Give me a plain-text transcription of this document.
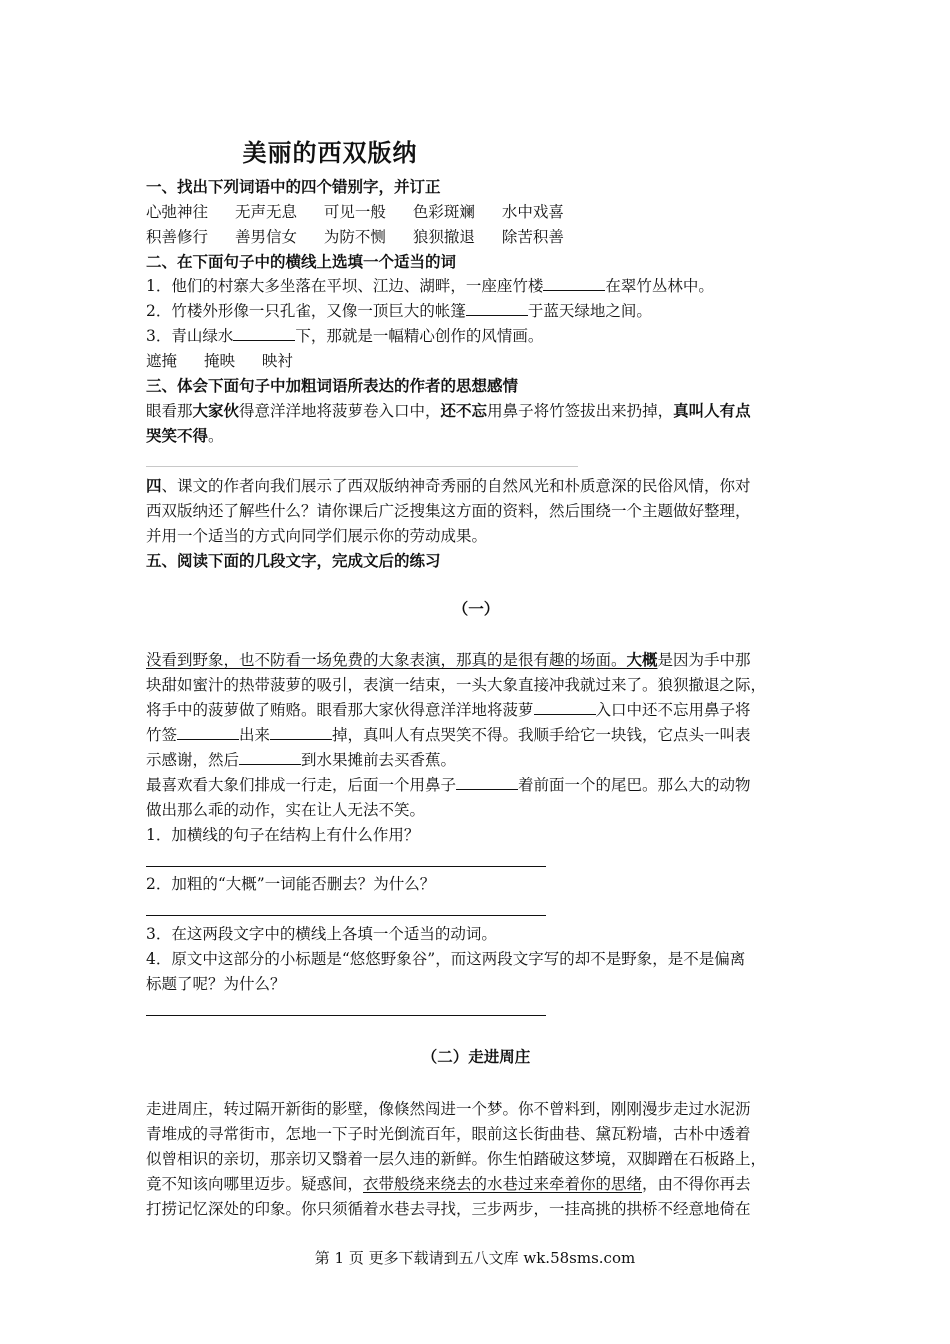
美丽的西双版纳
一、找出下列词语中的四个错别字，并订正
心弛神往 无声无息 可见一般 色彩斑斓 水中戏喜
积善修行 善男信女 为防不恻 狼狈撤退 除苦积善
二、在下面句子中的横线上选填一个适当的词
1．他们的村寨大多坐落在平坝、江边、湖畔，一座座竹楼	在翠竹丛林中。
2．竹楼外形像一只孔雀，又像一顶巨大的帐篷	于蓝天绿地之间。
3．青山绿水	下，那就是一幅精心创作的风情画。
遮掩 掩映 映衬
三、体会下面句子中加粗词语所表达的作者的思想感情
眼看那大家伙得意洋洋地将菠萝卷入口中，还不忘用鼻子将竹签拔出来扔掉，真叫人有点
哭笑不得。
四、课文的作者向我们展示了西双版纳神奇秀丽的自然风光和朴质意深的民俗风情，你对
西双版纳还了解些什么？请你课后广泛搜集这方面的资料，然后围绕一个主题做好整理，
并用一个适当的方式向同学们展示你的劳动成果。
五、阅读下面的几段文字，完成文后的练习
（一）
没看到野象，也不防看一场免费的大象表演，那真的是很有趣的场面。大概是因为手中那
块甜如蜜汁的热带菠萝的吸引，表演一结束，一头大象直接冲我就过来了。狼狈撤退之际，
将手中的菠萝做了贿赂。眼看那大家伙得意洋洋地将菠萝	入口中还不忘用鼻子将
竹签	出来	掉，真叫人有点哭笑不得。我顺手给它一块钱，它点头一叫表
示感谢，然后	到水果摊前去买香蕉。
最喜欢看大象们排成一行走，后面一个用鼻子	着前面一个的尾巴。那么大的动物
做出那么乖的动作，实在让人无法不笑。
1．加横线的句子在结构上有什么作用？
2．加粗的“大概”一词能否删去？为什么？
3．在这两段文字中的横线上各填一个适当的动词。
4．原文中这部分的小标题是“悠悠野象谷”，而这两段文字写的却不是野象，是不是偏离
标题了呢？为什么？
（二）走进周庄
走进周庄，转过隔开新街的影壁，像倏然闯进一个梦。你不曾料到，刚刚漫步走过水泥沥
青堆成的寻常街市，怎地一下子时光倒流百年，眼前这长街曲巷、黛瓦粉墙，古朴中透着
似曾相识的亲切，那亲切又翳着一层久违的新鲜。你生怕踏破这梦境，双脚蹭在石板路上，
竟不知该向哪里迈步。疑惑间，衣带般绕来绕去的水巷过来牵着你的思绪，由不得你再去
打捞记忆深处的印象。你只须循着水巷去寻找，三步两步，一挂高挑的拱桥不经意地倚在
第 1 页 更多下载请到五八文库 wk.58sms.com
